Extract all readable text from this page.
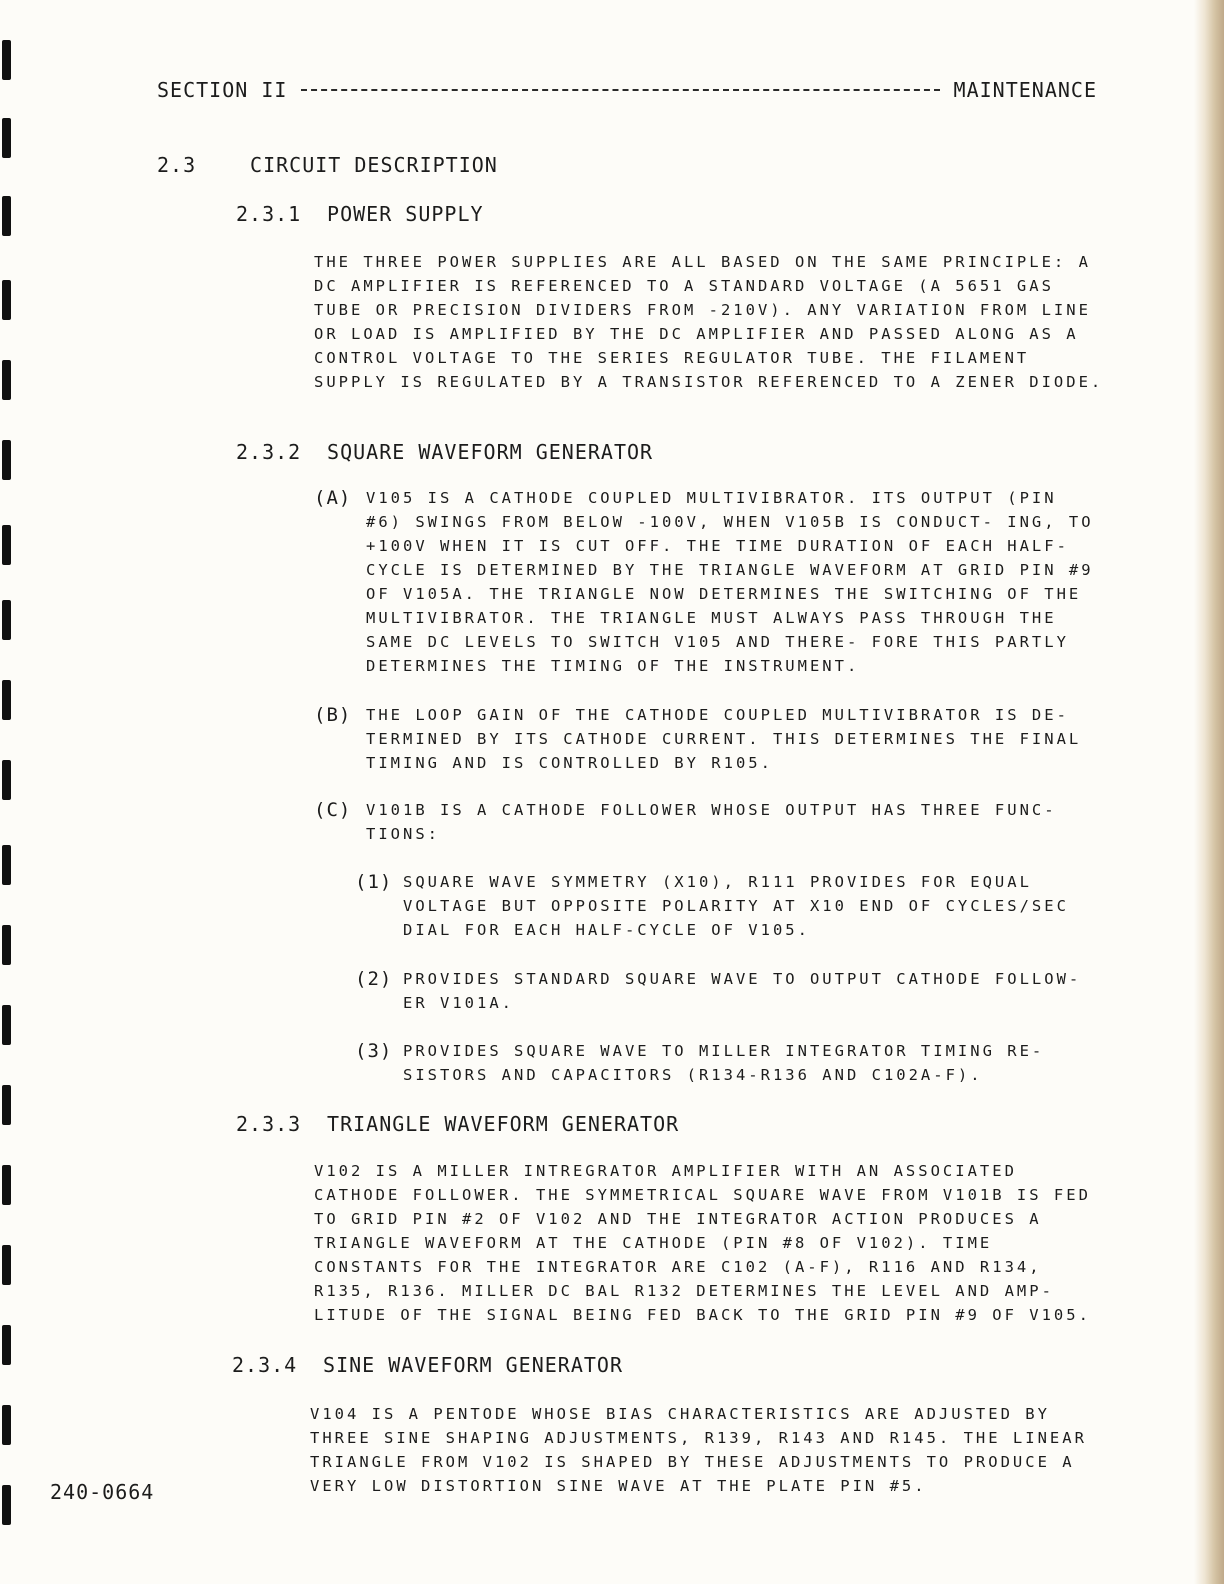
SECTION II	MAINTENANCE
2.3	CIRCUIT DESCRIPTION
2.3.1 POWER SUPPLY
THE THREE POWER SUPPLIES ARE ALL BASED ON THE SAME PRINCIPLE: A DC AMPLIFIER IS REFERENCED TO A STANDARD VOLTAGE (A 5651 GAS TUBE OR PRECISION DIVIDERS FROM -210V). ANY VARIATION FROM LINE OR LOAD IS AMPLIFIED BY THE DC AMPLIFIER AND PASSED ALONG AS A CONTROL VOLTAGE TO THE SERIES REGULATOR TUBE. THE FILAMENT SUPPLY IS REGULATED BY A TRANSISTOR REFERENCED TO A ZENER DIODE.
2.3.2 SQUARE WAVEFORM GENERATOR
(A) V105 IS A CATHODE COUPLED MULTIVIBRATOR. ITS OUTPUT (PIN #6) SWINGS FROM BELOW -100V, WHEN V105B IS CONDUCT- ING, TO +100V WHEN IT IS CUT OFF. THE TIME DURATION OF EACH HALF-CYCLE IS DETERMINED BY THE TRIANGLE WAVEFORM AT GRID PIN #9 OF V105A. THE TRIANGLE NOW DETERMINES THE SWITCHING OF THE MULTIVIBRATOR. THE TRIANGLE MUST ALWAYS PASS THROUGH THE SAME DC LEVELS TO SWITCH V105 AND THERE- FORE THIS PARTLY DETERMINES THE TIMING OF THE INSTRUMENT.
(B) THE LOOP GAIN OF THE CATHODE COUPLED MULTIVIBRATOR IS DE- TERMINED BY ITS CATHODE CURRENT. THIS DETERMINES THE FINAL TIMING AND IS CONTROLLED BY R105.
(C) V101B IS A CATHODE FOLLOWER WHOSE OUTPUT HAS THREE FUNC- TIONS:
(1) SQUARE WAVE SYMMETRY (X10), R111 PROVIDES FOR EQUAL VOLTAGE BUT OPPOSITE POLARITY AT X10 END OF CYCLES/SEC DIAL FOR EACH HALF-CYCLE OF V105.
(2) PROVIDES STANDARD SQUARE WAVE TO OUTPUT CATHODE FOLLOW- ER V101A.
(3) PROVIDES SQUARE WAVE TO MILLER INTEGRATOR TIMING RE- SISTORS AND CAPACITORS (R134-R136 AND C102A-F).
2.3.3 TRIANGLE WAVEFORM GENERATOR
V102 IS A MILLER INTREGRATOR AMPLIFIER WITH AN ASSOCIATED CATHODE FOLLOWER. THE SYMMETRICAL SQUARE WAVE FROM V101B IS FED TO GRID PIN #2 OF V102 AND THE INTEGRATOR ACTION PRODUCES A TRIANGLE WAVEFORM AT THE CATHODE (PIN #8 OF V102). TIME CONSTANTS FOR THE INTEGRATOR ARE C102 (A-F), R116 AND R134, R135, R136. MILLER DC BAL R132 DETERMINES THE LEVEL AND AMP- LITUDE OF THE SIGNAL BEING FED BACK TO THE GRID PIN #9 OF V105.
2.3.4 SINE WAVEFORM GENERATOR
V104 IS A PENTODE WHOSE BIAS CHARACTERISTICS ARE ADJUSTED BY THREE SINE SHAPING ADJUSTMENTS, R139, R143 AND R145. THE LINEAR TRIANGLE FROM V102 IS SHAPED BY THESE ADJUSTMENTS TO PRODUCE A VERY LOW DISTORTION SINE WAVE AT THE PLATE PIN #5.
240-0664
